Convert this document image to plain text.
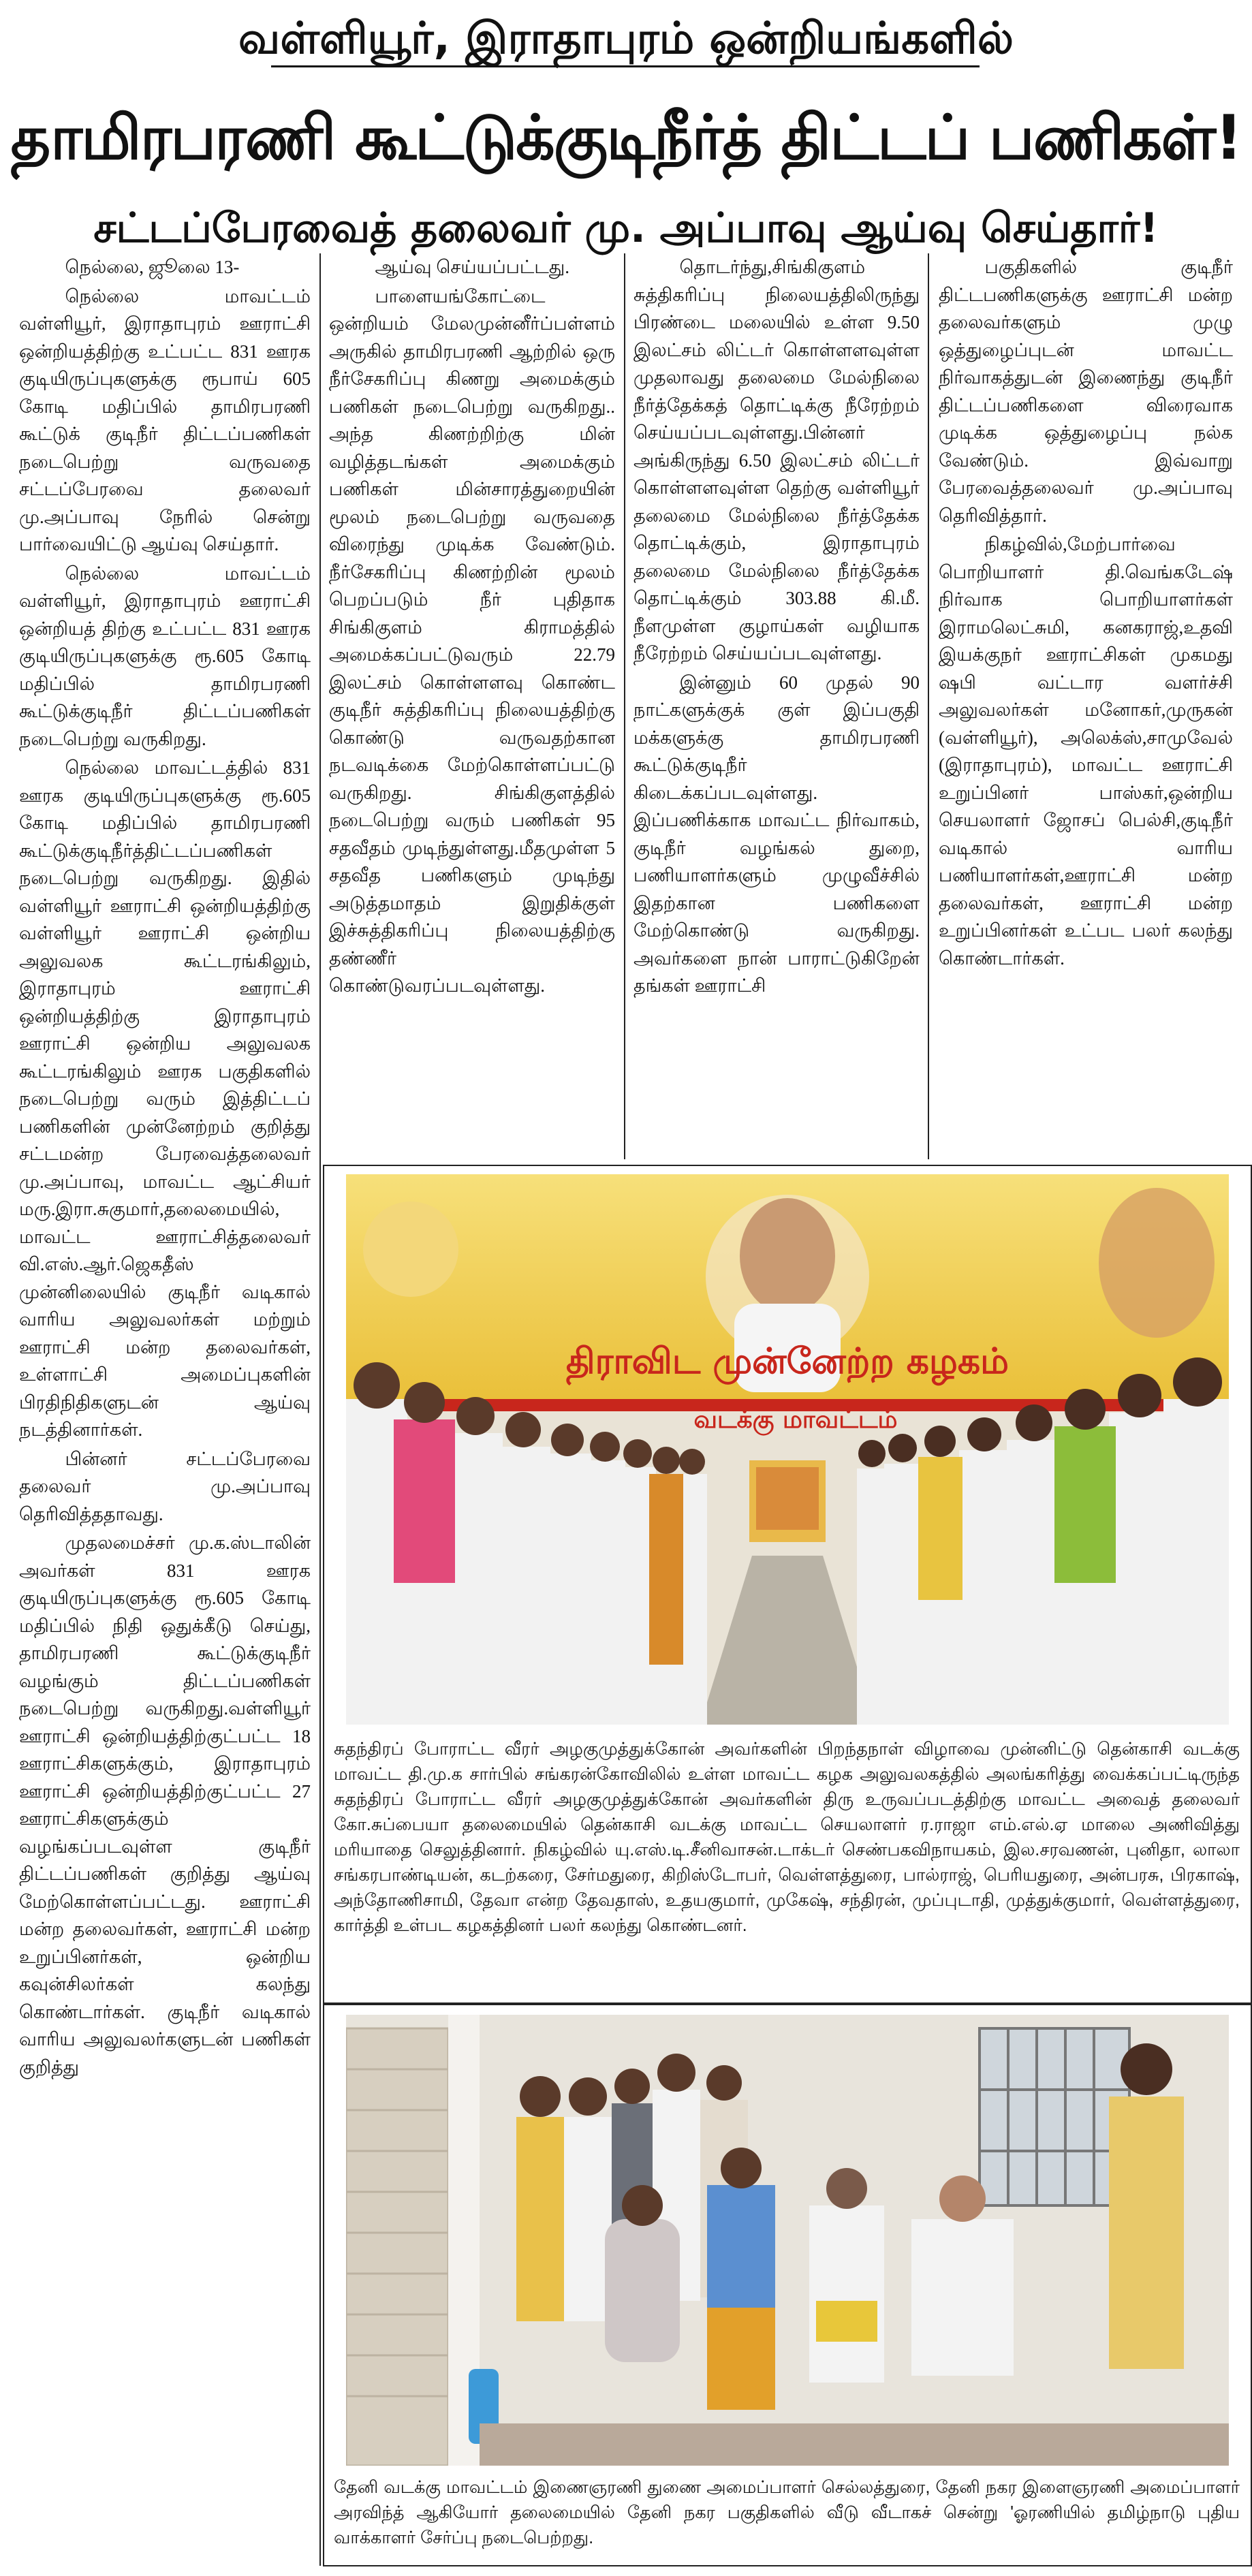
வள்ளியூர், இராதாபுரம் ஒன்றியங்களில்
தாமிரபரணி கூட்டுக்குடிநீர்த் திட்டப் பணிகள்!
சட்டப்பேரவைத் தலைவர் மு. அப்பாவு ஆய்வு செய்தார்!

நெல்லை, ஜூலை 13-

நெல்லை மாவட்டம் வள்ளியூர், இராதாபுரம் ஊராட்சி ஒன்றியத்திற்கு உட்பட்ட 831 ஊரக குடியிருப்புகளுக்கு ரூபாய் 605 கோடி மதிப்பில் தாமிரபரணி கூட்டுக் குடிநீர் திட்டப்பணிகள் நடைபெற்று வருவதை சட்டப்பேரவை தலைவர் மு.அப்பாவு நேரில் சென்று பார்வையிட்டு ஆய்வு செய்தார்.

நெல்லை மாவட்டம் வள்ளியூர், இராதாபுரம் ஊராட்சி ஒன்றியத் திற்கு உட்பட்ட 831 ஊரக குடியிருப்புகளுக்கு ரூ.605 கோடி மதிப்பில் தாமிரபரணி கூட்டுக்குடிநீர் திட்டப்பணிகள் நடைபெற்று வருகிறது.

நெல்லை மாவட்டத்தில் 831 ஊரக குடியிருப்புகளுக்கு ரூ.605 கோடி மதிப்பில் தாமிரபரணி கூட்டுக்குடிநீர்த்திட்டப்பணிகள் நடைபெற்று வருகிறது. இதில் வள்ளியூர் ஊராட்சி ஒன்றியத்திற்கு வள்ளியூர் ஊராட்சி ஒன்றிய அலுவலக கூட்டரங்கிலும், இராதாபுரம் ஊராட்சி ஒன்றியத்திற்கு இராதாபுரம் ஊராட்சி ஒன்றிய அலுவலக கூட்டரங்கிலும் ஊரக பகுதிகளில் நடைபெற்று வரும் இத்திட்டப் பணிகளின் முன்னேற்றம் குறித்து சட்டமன்ற பேரவைத்தலைவர் மு.அப்பாவு, மாவட்ட ஆட்சியர் மரு.இரா.சுகுமார்,தலைமையில், மாவட்ட ஊராட்சித்தலைவர் வி.எஸ்.ஆர்.ஜெகதீஸ் முன்னிலையில் குடிநீர் வடிகால் வாரிய அலுவலர்கள் மற்றும் ஊராட்சி மன்ற தலைவர்கள், உள்ளாட்சி அமைப்புகளின் பிரதிநிதிகளுடன் ஆய்வு நடத்தினார்கள்.

பின்னர் சட்டப்பேரவை தலைவர் மு.அப்பாவு தெரிவித்ததாவது.

முதலமைச்சர் மு.க.ஸ்டாலின் அவர்கள் 831 ஊரக குடியிருப்புகளுக்கு ரூ.605 கோடி மதிப்பில் நிதி ஒதுக்கீடு செய்து, தாமிரபரணி கூட்டுக்குடிநீர் வழங்கும் திட்டப்பணிகள் நடைபெற்று வருகிறது.வள்ளியூர் ஊராட்சி ஒன்றியத்திற்குட்பட்ட 18 ஊராட்சிகளுக்கும், இராதாபுரம் ஊராட்சி ஒன்றியத்திற்குட்பட்ட 27 ஊராட்சிகளுக்கும் வழங்கப்படவுள்ள குடிநீர் திட்டப்பணிகள் குறித்து ஆய்வு மேற்கொள்ளப்பட்டது. ஊராட்சி மன்ற தலைவர்கள், ஊராட்சி மன்ற உறுப்பினர்கள், ஒன்றிய கவுன்சிலர்கள் கலந்து கொண்டார்கள். குடிநீர் வடிகால் வாரிய அலுவலர்களுடன் பணிகள் குறித்து

ஆய்வு செய்யப்பட்டது.

பாளையங்கோட்டை ஒன்றியம் மேலமுன்னீர்ப்பள்ளம் அருகில் தாமிரபரணி ஆற்றில் ஒரு நீர்சேகரிப்பு கிணறு அமைக்கும் பணிகள் நடைபெற்று வருகிறது.. அந்த கிணற்றிற்கு மின் வழித்தடங்கள் அமைக்கும் பணிகள் மின்சாரத்துறையின் மூலம் நடைபெற்று வருவதை விரைந்து முடிக்க வேண்டும். நீர்சேகரிப்பு கிணற்றின் மூலம் பெறப்படும் நீர் புதிதாக சிங்கிகுளம் கிராமத்தில் அமைக்கப்பட்டுவரும் 22.79 இலட்சம் கொள்ளளவு கொண்ட குடிநீர் சுத்திகரிப்பு நிலையத்திற்கு கொண்டு வருவதற்கான நடவடிக்கை மேற்கொள்ளப்பட்டு வருகிறது. சிங்கிகுளத்தில் நடைபெற்று வரும் பணிகள் 95 சதவீதம் முடிந்துள்ளது.மீதமுள்ள 5 சதவீத பணிகளும் முடிந்து அடுத்தமாதம் இறுதிக்குள் இச்சுத்திகரிப்பு நிலையத்திற்கு தண்ணீர் கொண்டுவரப்படவுள்ளது.

தொடர்ந்து,சிங்கிகுளம் சுத்திகரிப்பு நிலையத்திலிருந்து பிரண்டை மலையில் உள்ள 9.50 இலட்சம் லிட்டர் கொள்ளளவுள்ள முதலாவது தலைமை மேல்நிலை நீர்த்தேக்கத் தொட்டிக்கு நீரேற்றம் செய்யப்படவுள்ளது.பின்னர் அங்கிருந்து 6.50 இலட்சம் லிட்டர் கொள்ளளவுள்ள தெற்கு வள்ளியூர் தலைமை மேல்நிலை நீர்த்தேக்க தொட்டிக்கும், இராதாபுரம் தலைமை மேல்நிலை நீர்த்தேக்க தொட்டிக்கும் 303.88 கி.மீ. நீளமுள்ள குழாய்கள் வழியாக நீரேற்றம் செய்யப்படவுள்ளது.

இன்னும் 60 முதல் 90 நாட்களுக்குக் குள் இப்பகுதி மக்களுக்கு தாமிரபரணி கூட்டுக்குடிநீர் கிடைக்கப்படவுள்ளது. இப்பணிக்காக மாவட்ட நிர்வாகம், குடிநீர் வழங்கல் துறை, பணியாளர்களும் முழுவீச்சில் இதற்கான பணிகளை மேற்கொண்டு வருகிறது. அவர்களை நான் பாராட்டுகிறேன் தங்கள் ஊராட்சி

பகுதிகளில் குடிநீர் திட்டபணிகளுக்கு ஊராட்சி மன்ற தலைவர்களும் முழு ஒத்துழைப்புடன் மாவட்ட நிர்வாகத்துடன் இணைந்து குடிநீர் திட்டப்பணிகளை விரைவாக முடிக்க ஒத்துழைப்பு நல்க வேண்டும். இவ்வாறு பேரவைத்தலைவர் மு.அப்பாவு தெரிவித்தார்.

நிகழ்வில்,மேற்பார்வை பொறியாளர் தி.வெங்கடேஷ் நிர்வாக பொறியாளர்கள் இராமலெட்சுமி, கனகராஜ்,உதவி இயக்குநர் ஊராட்சிகள் முகமது ஷபி வட்டார வளர்ச்சி அலுவலர்கள் மனோகர்,முருகன் (வள்ளியூர்), அலெக்ஸ்,சாமுவேல் (இராதாபுரம்), மாவட்ட ஊராட்சி உறுப்பினர் பாஸ்கர்,ஒன்றிய செயலாளர் ஜோசப் பெல்சி,குடிநீர் வடிகால் வாரிய பணியாளர்கள்,ஊராட்சி மன்ற தலைவர்கள், ஊராட்சி மன்ற உறுப்பினர்கள் உட்பட பலர் கலந்து கொண்டார்கள்.

திராவிட முன்னேற்ற கழகம்
வடக்கு மாவட்டம்
சுதந்திரப் போராட்ட வீரர் அழகுமுத்துக்கோன் அவர்களின் பிறந்தநாள் விழாவை முன்னிட்டு தென்காசி வடக்கு மாவட்ட தி.மு.க சார்பில் சங்கரன்கோவிலில் உள்ள மாவட்ட கழக அலுவலகத்தில் அலங்கரித்து வைக்கப்பட்டிருந்த சுதந்திரப் போராட்ட வீரர் அழகுமுத்துக்கோன் அவர்களின் திரு உருவப்படத்திற்கு மாவட்ட அவைத் தலைவர் கோ.சுப்பையா தலைமையில் தென்காசி வடக்கு மாவட்ட செயலாளர் ர.ராஜா எம்.எல்.ஏ மாலை அணிவித்து மரியாதை செலுத்தினார். நிகழ்வில் யு.எஸ்.டி.சீனிவாசன்.டாக்டர் செண்பகவிநாயகம், இல.சரவணன், புனிதா, லாலா சங்கரபாண்டியன், கடற்கரை, சேர்மதுரை, கிறிஸ்டோபர், வெள்ளத்துரை, பால்ராஜ், பெரியதுரை, அன்பரசு, பிரகாஷ், அந்தோணிசாமி, தேவா என்ற தேவதாஸ், உதயகுமார், முகேஷ், சந்திரன், முப்புடாதி, முத்துக்குமார், வெள்ளத்துரை, கார்த்தி உள்பட கழகத்தினர் பலர் கலந்து கொண்டனர்.
தேனி வடக்கு மாவட்டம் இணைஞரணி துணை அமைப்பாளர் செல்லத்துரை, தேனி நகர இளைஞரணி அமைப்பாளர் அரவிந்த் ஆகியோர் தலைமையில் தேனி நகர பகுதிகளில் வீடு வீடாகச் சென்று 'ஓரணியில் தமிழ்நாடு புதிய வாக்காளர் சேர்ப்பு நடைபெற்றது.
